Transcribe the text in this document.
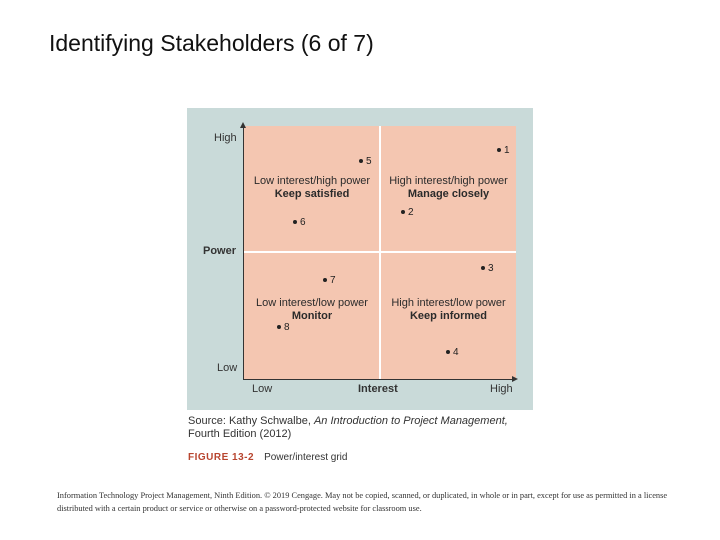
Identifying Stakeholders (6 of 7)
High
Power
Low
Low	Interest	High
Low interest/high power
Keep satisfied
High interest/high power
Manage closely
Low interest/low power
Monitor
High interest/low power
Keep informed
1
2
3
4
5
6
7
8
Source: Kathy Schwalbe, An Introduction to Project Management,
Fourth Edition (2012)
FIGURE 13-2 Power/interest grid
Information Technology Project Management, Ninth Edition. © 2019 Cengage. May not be copied, scanned, or duplicated, in whole or in part, except for use as permitted in a license distributed with a certain product or service or otherwise on a password-protected website for classroom use.
